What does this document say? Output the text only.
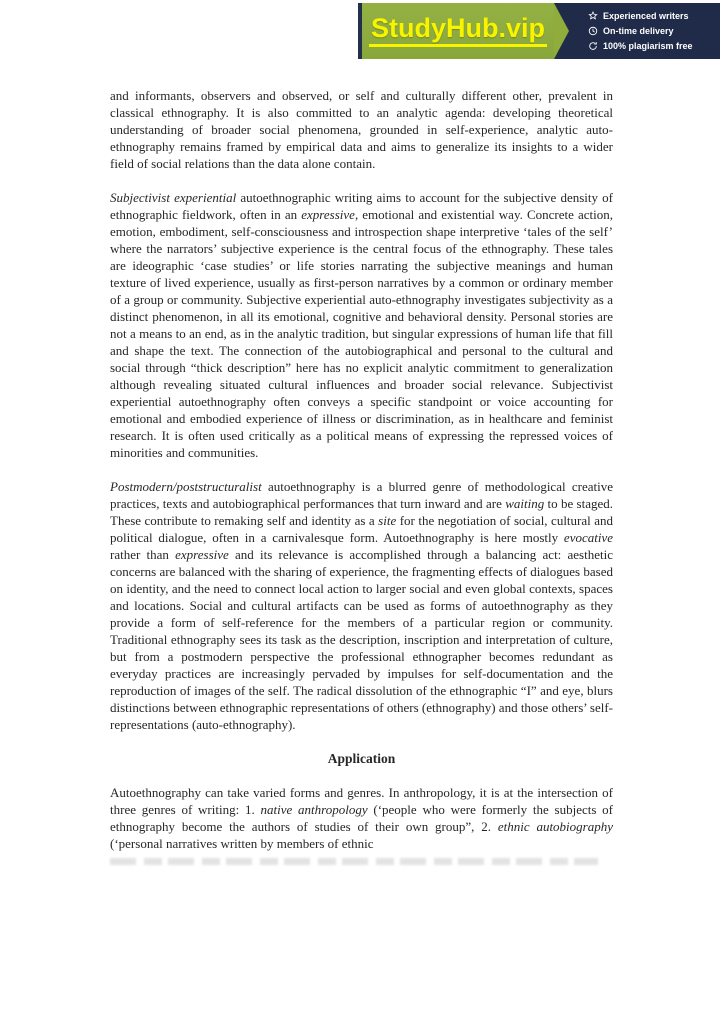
StudyHub.vip	Experienced writers
On-time delivery
100% plagiarism free

and informants, observers and observed, or self and culturally different other, prevalent in classical ethnography. It is also committed to an analytic agenda: developing theoretical understanding of broader social phenomena, grounded in self-experience, analytic auto-ethnography remains framed by empirical data and aims to generalize its insights to a wider field of social relations than the data alone contain.

Subjectivist experiential autoethnographic writing aims to account for the subjective density of ethnographic fieldwork, often in an expressive, emotional and existential way. Concrete action, emotion, embodiment, self-consciousness and introspection shape interpretive ‘tales of the self’ where the narrators’ subjective experience is the central focus of the ethnography. These tales are ideographic ‘case studies’ or life stories narrating the subjective meanings and human texture of lived experience, usually as first-person narratives by a common or ordinary member of a group or community. Subjective experiential auto-ethnography investigates subjectivity as a distinct phenomenon, in all its emotional, cognitive and behavioral density. Personal stories are not a means to an end, as in the analytic tradition, but singular expressions of human life that fill and shape the text. The connection of the autobiographical and personal to the cultural and social through “thick description” here has no explicit analytic commitment to generalization although revealing situated cultural influences and broader social relevance. Subjectivist experiential autoethnography often conveys a specific standpoint or voice accounting for emotional and embodied experience of illness or discrimination, as in healthcare and feminist research. It is often used critically as a political means of expressing the repressed voices of minorities and communities.

Postmodern/poststructuralist autoethnography is a blurred genre of methodological creative practices, texts and autobiographical performances that turn inward and are waiting to be staged. These contribute to remaking self and identity as a site for the negotiation of social, cultural and political dialogue, often in a carnivalesque form. Autoethnography is here mostly evocative rather than expressive and its relevance is accomplished through a balancing act: aesthetic concerns are balanced with the sharing of experience, the fragmenting effects of dialogues based on identity, and the need to connect local action to larger social and even global contexts, spaces and locations. Social and cultural artifacts can be used as forms of autoethnography as they provide a form of self-reference for the members of a particular region or community. Traditional ethnography sees its task as the description, inscription and interpretation of culture, but from a postmodern perspective the professional ethnographer becomes redundant as everyday practices are increasingly pervaded by impulses for self-documentation and the reproduction of images of the self. The radical dissolution of the ethnographic “I” and eye, blurs distinctions between ethnographic representations of others (ethnography) and those others’ self-representations (auto-ethnography).

Application

Autoethnography can take varied forms and genres. In anthropology, it is at the intersection of three genres of writing: 1. native anthropology (‘people who were formerly the subjects of ethnography become the authors of studies of their own group”, 2. ethnic autobiography (‘personal narratives written by members of ethnic
